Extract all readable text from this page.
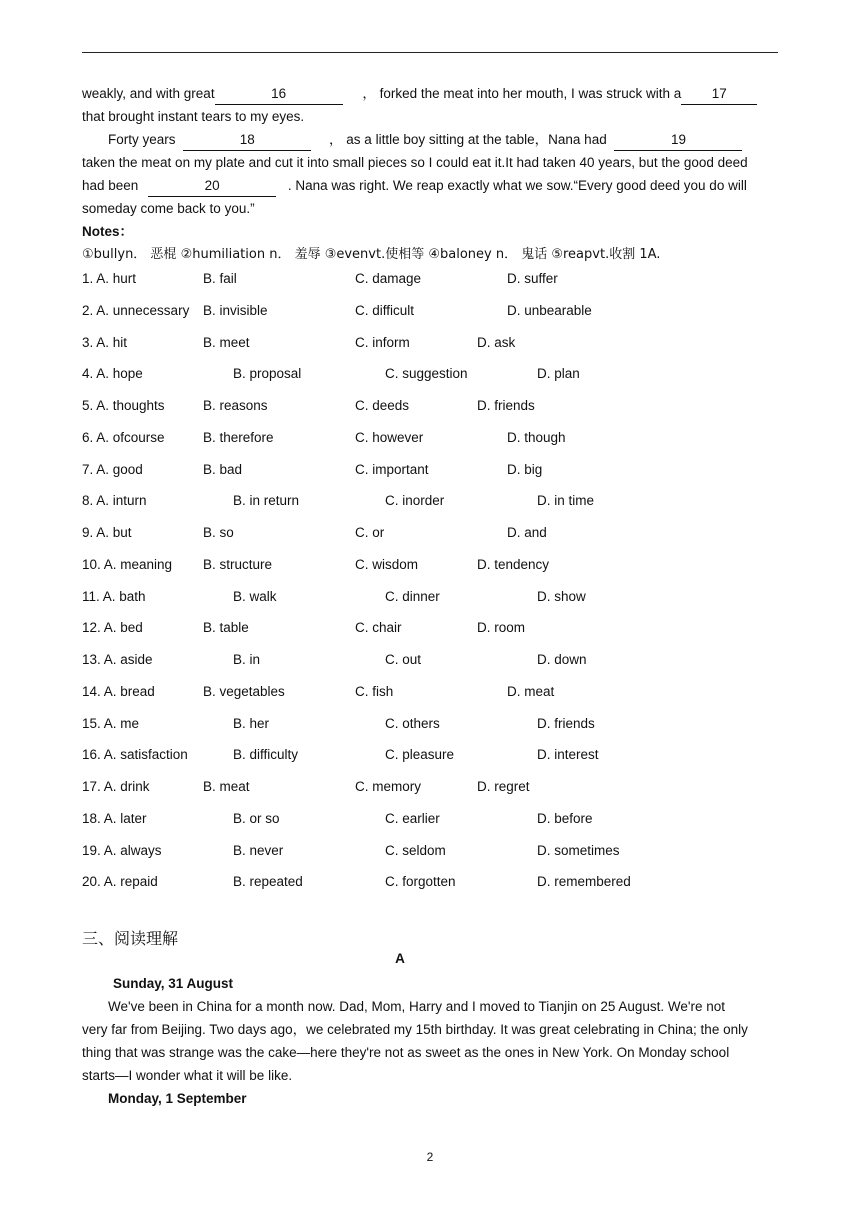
weakly, and with great	16	， forked the meat into her mouth, I was struck with a 17
that brought instant tears to my eyes.
Forty years	18	， as a little boy sitting at the table，Nana had	19
taken the meat on my plate and cut it into small pieces so I could eat it.It had taken 40 years, but the good deed
had been	20	. Nana was right. We reap exactly what we sow.“Every good deed you do will
someday come back to you.”
Notes：
①bullyn． 恶棍 ②humiliation n． 羞辱 ③evenvt.使相等 ④baloney n． 鬼话 ⑤reapvt.收割 1A.
1. A. hurt	B. fail	C. damage	D. suffer
2. A. unnecessary B. invisible	C. difficult	D. unbearable
3. A. hit	B. meet	C. inform	D. ask
4. A. hope	B. proposal	C. suggestion	D. plan
5. A. thoughts	B. reasons	C. deeds	D. friends
6. A. ofcourse	B. therefore	C. however	D. though
7. A. good	B. bad	C. important	D. big
8. A. inturn	B. in return	C. inorder	D. in time
9. A. but	B. so	C. or	D. and
10. A. meaning B. structure	C. wisdom	D. tendency
11. A. bath	B. walk	C. dinner	D. show
12. A. bed	B. table	C. chair	D. room
13. A. aside	B. in	C. out	D. down
14. A. bread	B. vegetables	C. fish	D. meat
15. A. me	B. her	C. others	D. friends
16. A. satisfaction	B. difficulty	C. pleasure	D. interest
17. A. drink	B. meat	C. memory	D. regret
18. A. later	B. or so	C. earlier	D. before
19. A. always	B. never	C. seldom	D. sometimes
20. A. repaid	B. repeated	C. forgotten	D. remembered
三、阅读理解
A
Sunday, 31 August
We've been in China for a month now. Dad, Mom, Harry and I moved to Tianjin on 25 August. We're not
very far from Beijing. Two days ago，we celebrated my 15th birthday. It was great celebrating in China; the only
thing that was strange was the cake—here they're not as sweet as the ones in New York. On Monday school
starts—I wonder what it will be like.
Monday, 1 September
2
